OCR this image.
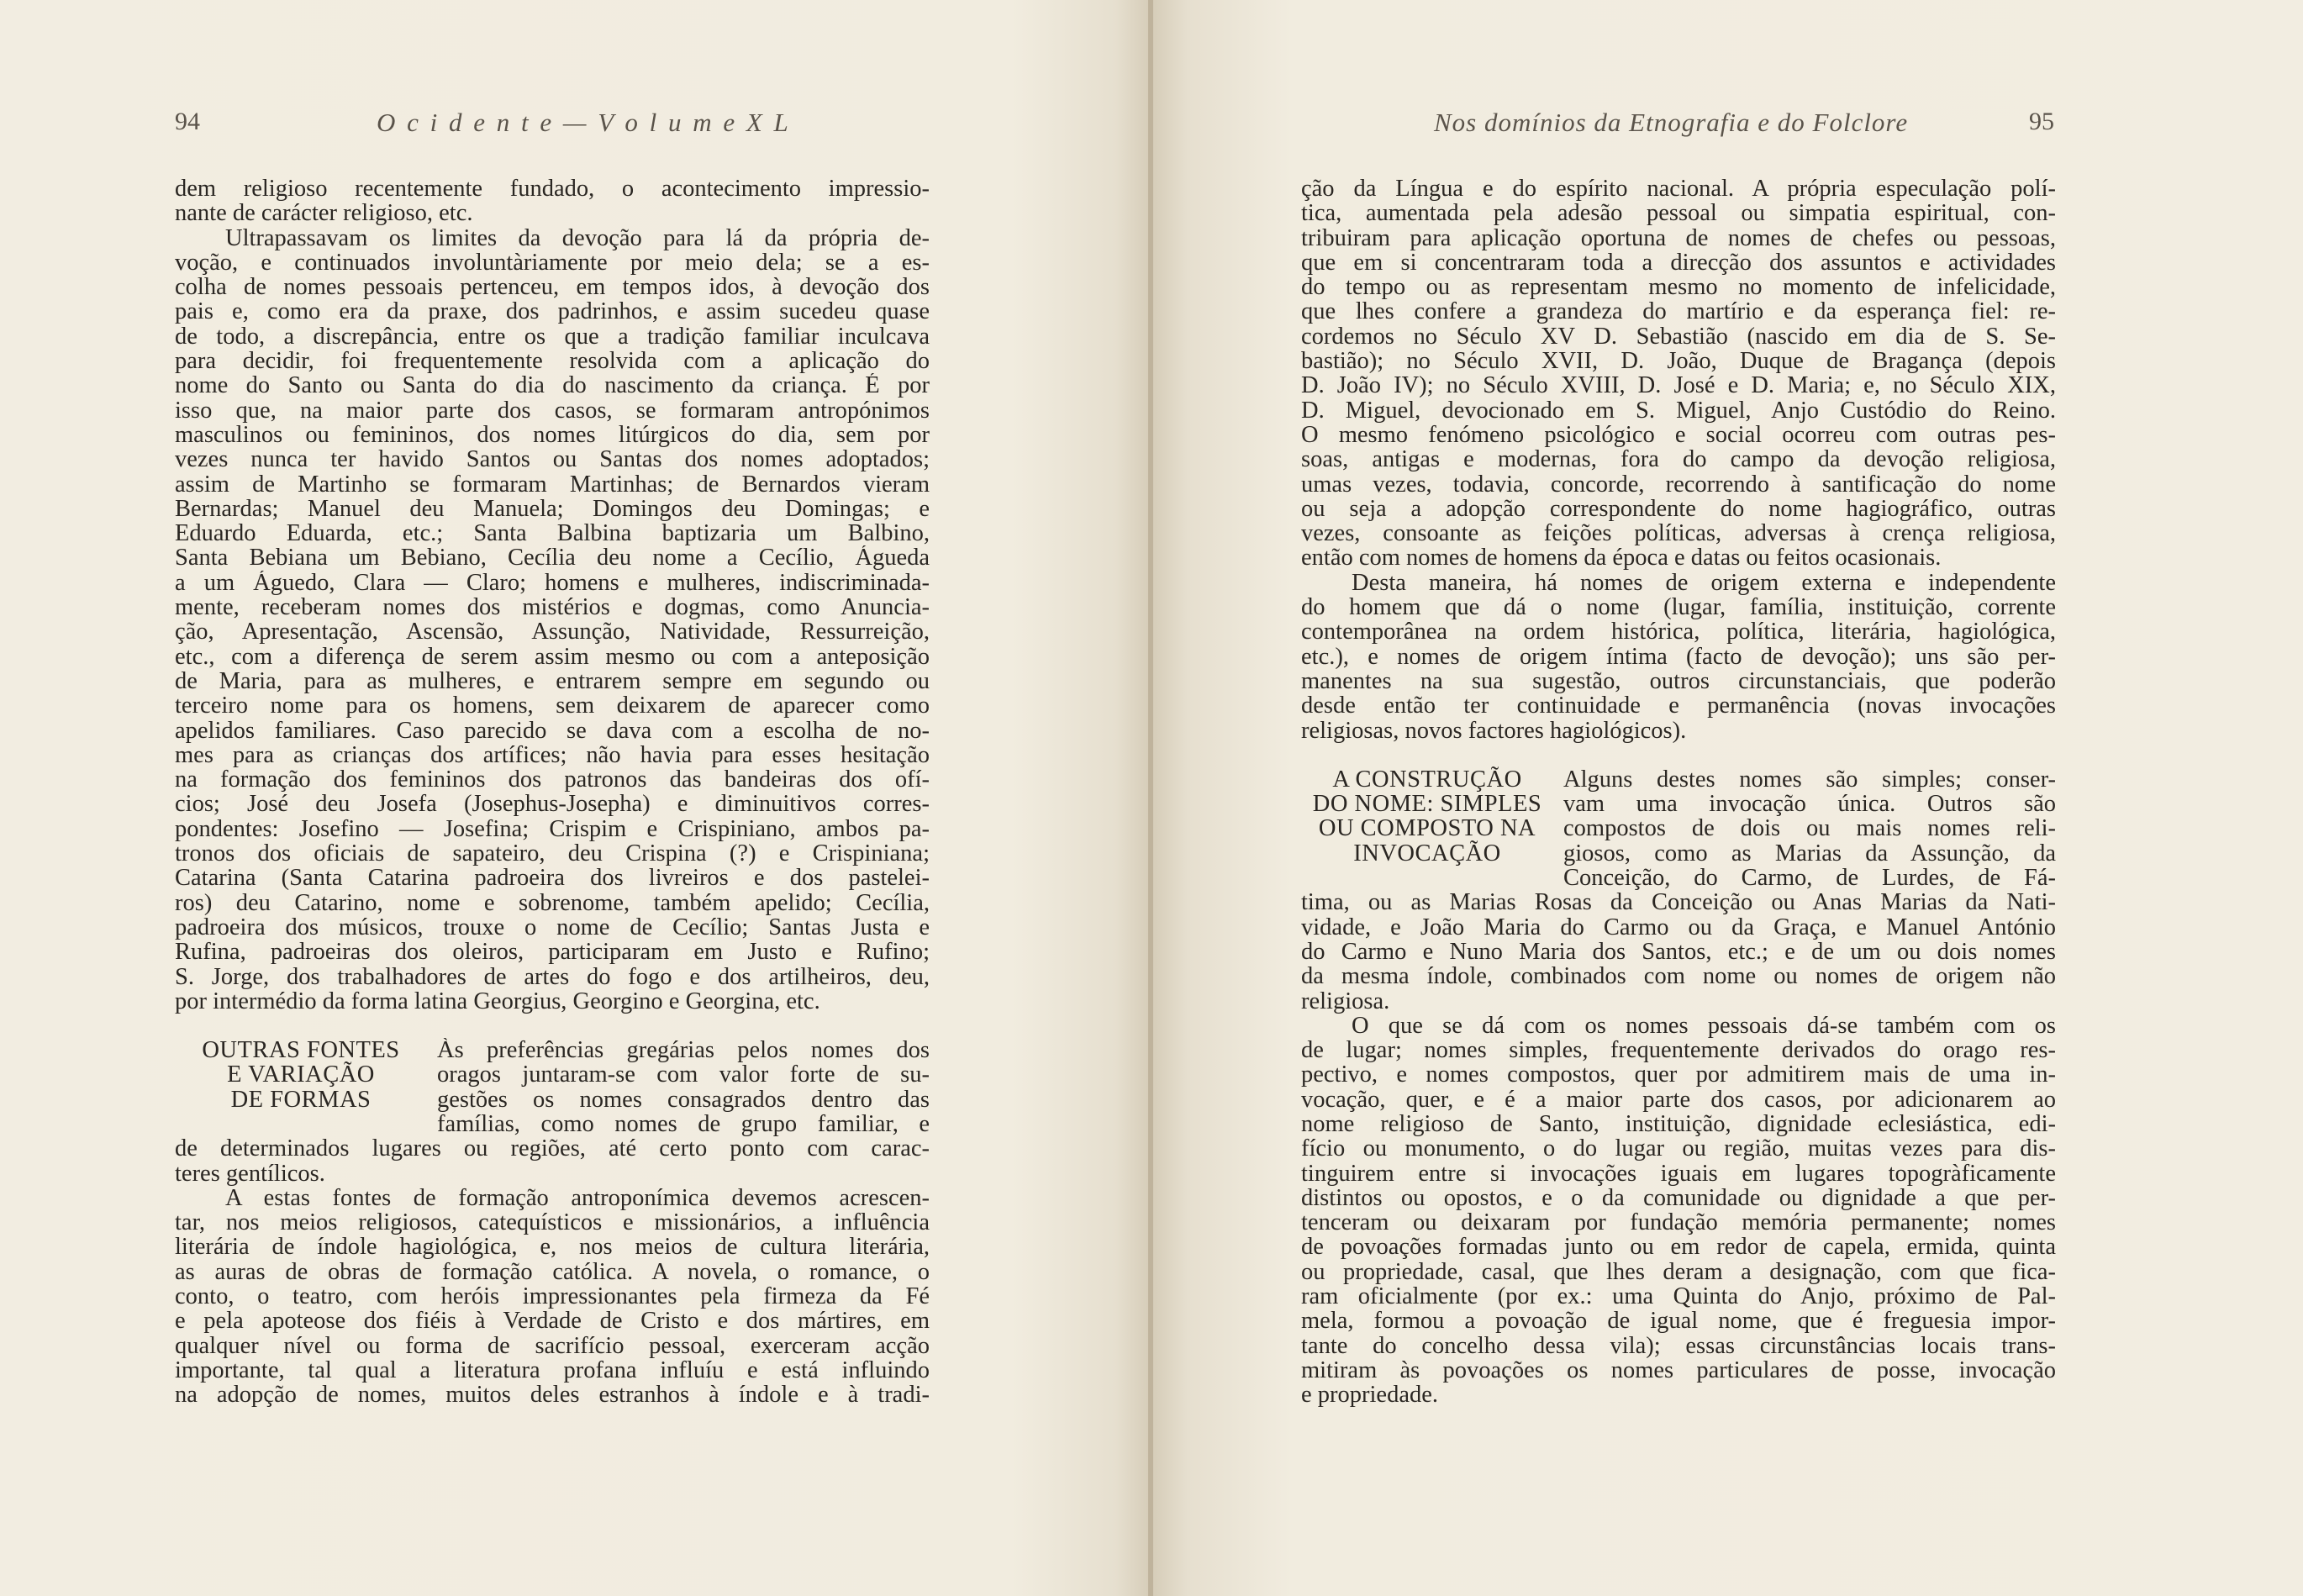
94	O c i d e n t e — V o l u m e X L
dem religioso recentemente fundado, o acontecimento impressio-
nante de carácter religioso, etc.
Ultrapassavam os limites da devoção para lá da própria de-
voção, e continuados involuntàriamente por meio dela; se a es-
colha de nomes pessoais pertenceu, em tempos idos, à devoção dos
pais e, como era da praxe, dos padrinhos, e assim sucedeu quase
de todo, a discrepância, entre os que a tradição familiar inculcava
para decidir, foi frequentemente resolvida com a aplicação do
nome do Santo ou Santa do dia do nascimento da criança. É por
isso que, na maior parte dos casos, se formaram antropónimos
masculinos ou femininos, dos nomes litúrgicos do dia, sem por
vezes nunca ter havido Santos ou Santas dos nomes adoptados;
assim de Martinho se formaram Martinhas; de Bernardos vieram
Bernardas; Manuel deu Manuela; Domingos deu Domingas; e
Eduardo Eduarda, etc.; Santa Balbina baptizaria um Balbino,
Santa Bebiana um Bebiano, Cecília deu nome a Cecílio, Águeda
a um Águedo, Clara — Claro; homens e mulheres, indiscriminada-
mente, receberam nomes dos mistérios e dogmas, como Anuncia-
ção, Apresentação, Ascensão, Assunção, Natividade, Ressurreição,
etc., com a diferença de serem assim mesmo ou com a anteposição
de Maria, para as mulheres, e entrarem sempre em segundo ou
terceiro nome para os homens, sem deixarem de aparecer como
apelidos familiares. Caso parecido se dava com a escolha de no-
mes para as crianças dos artífices; não havia para esses hesitação
na formação dos femininos dos patronos das bandeiras dos ofí-
cios; José deu Josefa (Josephus-Josepha) e diminuitivos corres-
pondentes: Josefino — Josefina; Crispim e Crispiniano, ambos pa-
tronos dos oficiais de sapateiro, deu Crispina (?) e Crispiniana;
Catarina (Santa Catarina padroeira dos livreiros e dos pastelei-
ros) deu Catarino, nome e sobrenome, também apelido; Cecília,
padroeira dos músicos, trouxe o nome de Cecílio; Santas Justa e
Rufina, padroeiras dos oleiros, participaram em Justo e Rufino;
S. Jorge, dos trabalhadores de artes do fogo e dos artilheiros, deu,
por intermédio da forma latina Georgius, Georgino e Georgina, etc.
OUTRAS FONTES
E VARIAÇÃO
DE FORMAS
Às preferências gregárias pelos nomes dos
oragos juntaram-se com valor forte de su-
gestões os nomes consagrados dentro das
famílias, como nomes de grupo familiar, e
de determinados lugares ou regiões, até certo ponto com carac-
teres gentílicos.
A estas fontes de formação antroponímica devemos acrescen-
tar, nos meios religiosos, catequísticos e missionários, a influência
literária de índole hagiológica, e, nos meios de cultura literária,
as auras de obras de formação católica. A novela, o romance, o
conto, o teatro, com heróis impressionantes pela firmeza da Fé
e pela apoteose dos fiéis à Verdade de Cristo e dos mártires, em
qualquer nível ou forma de sacrifício pessoal, exerceram acção
importante, tal qual a literatura profana influíu e está influindo
na adopção de nomes, muitos deles estranhos à índole e à tradi-
Nos domínios da Etnografia e do Folclore	95
ção da Língua e do espírito nacional. A própria especulação polí-
tica, aumentada pela adesão pessoal ou simpatia espiritual, con-
tribuiram para aplicação oportuna de nomes de chefes ou pessoas,
que em si concentraram toda a direcção dos assuntos e actividades
do tempo ou as representam mesmo no momento de infelicidade,
que lhes confere a grandeza do martírio e da esperança fiel: re-
cordemos no Século XV D. Sebastião (nascido em dia de S. Se-
bastião); no Século XVII, D. João, Duque de Bragança (depois
D. João IV); no Século XVIII, D. José e D. Maria; e, no Século XIX,
D. Miguel, devocionado em S. Miguel, Anjo Custódio do Reino.
O mesmo fenómeno psicológico e social ocorreu com outras pes-
soas, antigas e modernas, fora do campo da devoção religiosa,
umas vezes, todavia, concorde, recorrendo à santificação do nome
ou seja a adopção correspondente do nome hagiográfico, outras
vezes, consoante as feições políticas, adversas à crença religiosa,
então com nomes de homens da época e datas ou feitos ocasionais.
Desta maneira, há nomes de origem externa e independente
do homem que dá o nome (lugar, família, instituição, corrente
contemporânea na ordem histórica, política, literária, hagiológica,
etc.), e nomes de origem íntima (facto de devoção); uns são per-
manentes na sua sugestão, outros circunstanciais, que poderão
desde então ter continuidade e permanência (novas invocações
religiosas, novos factores hagiológicos).
A CONSTRUÇÃO
DO NOME: SIMPLES
OU COMPOSTO NA
INVOCAÇÃO
Alguns destes nomes são simples; conser-
vam uma invocação única. Outros são
compostos de dois ou mais nomes reli-
giosos, como as Marias da Assunção, da
Conceição, do Carmo, de Lurdes, de Fá-
tima, ou as Marias Rosas da Conceição ou Anas Marias da Nati-
vidade, e João Maria do Carmo ou da Graça, e Manuel António
do Carmo e Nuno Maria dos Santos, etc.; e de um ou dois nomes
da mesma índole, combinados com nome ou nomes de origem não
religiosa.
O que se dá com os nomes pessoais dá-se também com os
de lugar; nomes simples, frequentemente derivados do orago res-
pectivo, e nomes compostos, quer por admitirem mais de uma in-
vocação, quer, e é a maior parte dos casos, por adicionarem ao
nome religioso de Santo, instituição, dignidade eclesiástica, edi-
fício ou monumento, o do lugar ou região, muitas vezes para dis-
tinguirem entre si invocações iguais em lugares topogràficamente
distintos ou opostos, e o da comunidade ou dignidade a que per-
tenceram ou deixaram por fundação memória permanente; nomes
de povoações formadas junto ou em redor de capela, ermida, quinta
ou propriedade, casal, que lhes deram a designação, com que fica-
ram oficialmente (por ex.: uma Quinta do Anjo, próximo de Pal-
mela, formou a povoação de igual nome, que é freguesia impor-
tante do concelho dessa vila); essas circunstâncias locais trans-
mitiram às povoações os nomes particulares de posse, invocação
e propriedade.
